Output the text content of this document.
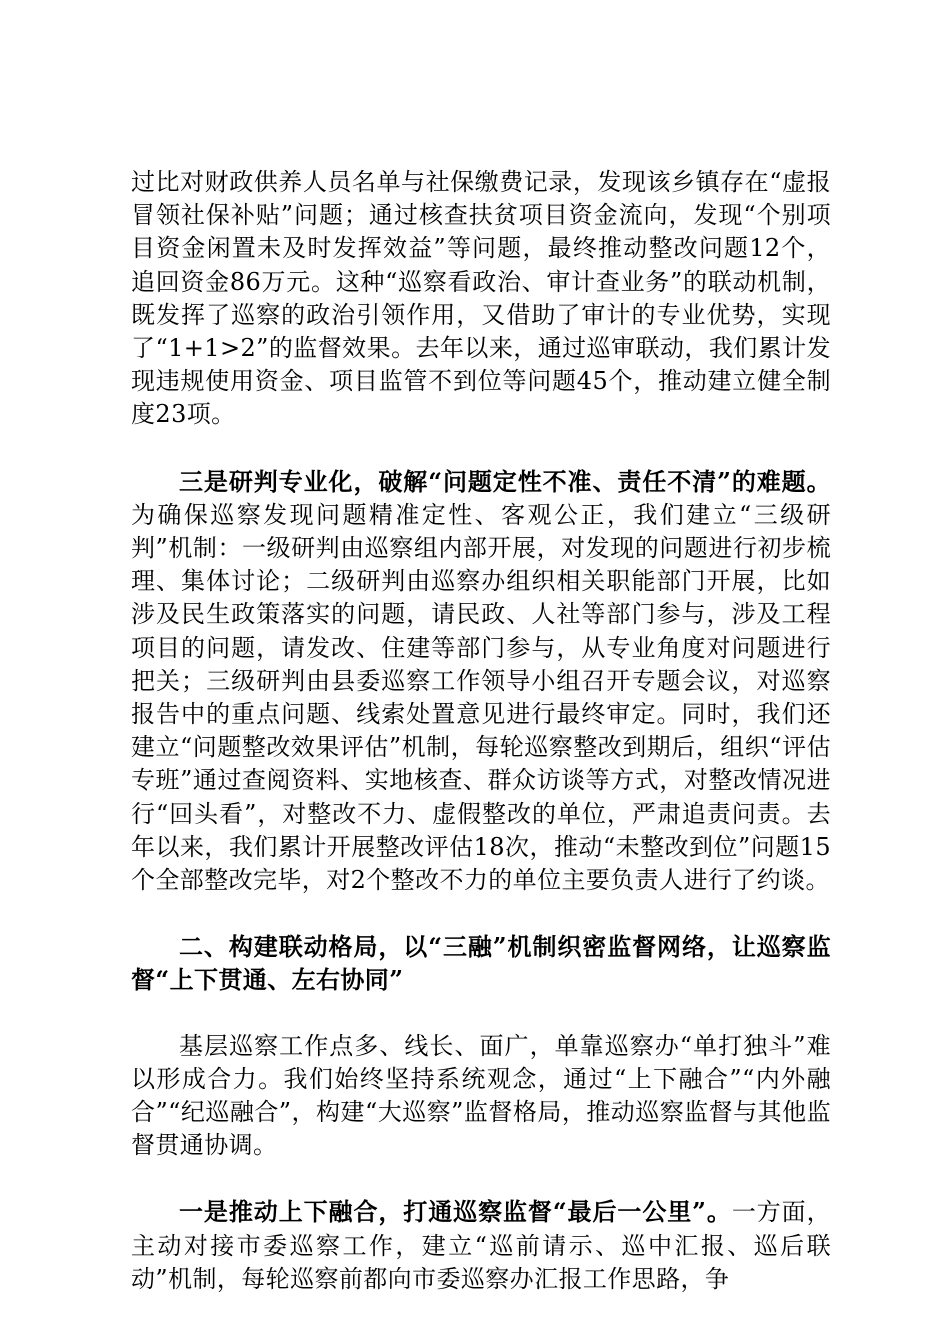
过比对财政供养人员名单与社保缴费记录，发现该乡镇存在“虚报冒领社保补贴”问题；通过核查扶贫项目资金流向，发现“个别项目资金闲置未及时发挥效益”等问题，最终推动整改问题12个，追回资金86万元。这种“巡察看政治、审计查业务”的联动机制，既发挥了巡察的政治引领作用，又借助了审计的专业优势，实现了“1+1>2”的监督效果。去年以来，通过巡审联动，我们累计发现违规使用资金、项目监管不到位等问题45个，推动建立健全制度23项。

三是研判专业化，破解“问题定性不准、责任不清”的难题。为确保巡察发现问题精准定性、客观公正，我们建立“三级研判”机制：一级研判由巡察组内部开展，对发现的问题进行初步梳理、集体讨论；二级研判由巡察办组织相关职能部门开展，比如涉及民生政策落实的问题，请民政、人社等部门参与，涉及工程项目的问题，请发改、住建等部门参与，从专业角度对问题进行把关；三级研判由县委巡察工作领导小组召开专题会议，对巡察报告中的重点问题、线索处置意见进行最终审定。同时，我们还建立“问题整改效果评估”机制，每轮巡察整改到期后，组织“评估专班”通过查阅资料、实地核查、群众访谈等方式，对整改情况进行“回头看”，对整改不力、虚假整改的单位，严肃追责问责。去年以来，我们累计开展整改评估18次，推动“未整改到位”问题15个全部整改完毕，对2个整改不力的单位主要负责人进行了约谈。

二、构建联动格局，以“三融”机制织密监督网络，让巡察监督“上下贯通、左右协同”

基层巡察工作点多、线长、面广，单靠巡察办“单打独斗”难以形成合力。我们始终坚持系统观念，通过“上下融合”“内外融合”“纪巡融合”，构建“大巡察”监督格局，推动巡察监督与其他监督贯通协调。

一是推动上下融合，打通巡察监督“最后一公里”。一方面，主动对接市委巡察工作，建立“巡前请示、巡中汇报、巡后联动”机制，每轮巡察前都向市委巡察办汇报工作思路，争
